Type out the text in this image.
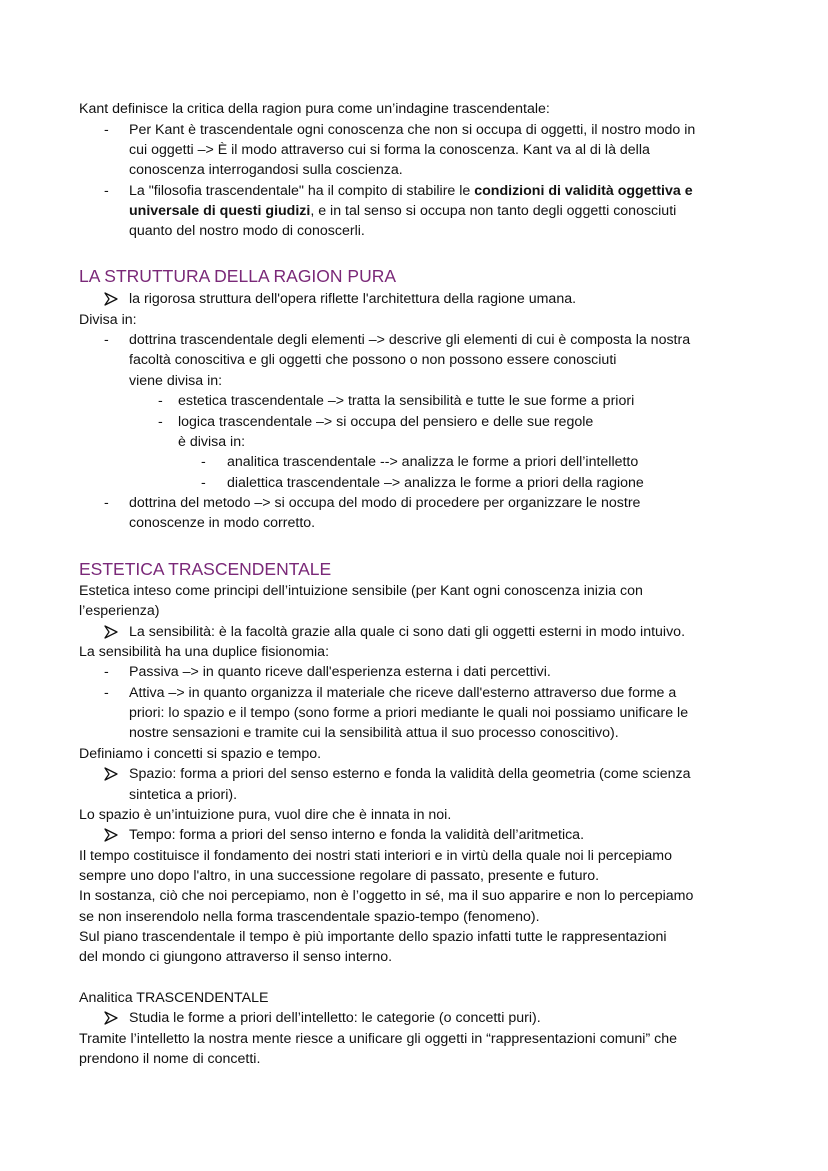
Kant definisce la critica della ragion pura come un’indagine trascendentale:
- Per Kant è trascendentale ogni conoscenza che non si occupa di oggetti, il nostro modo in
cui oggetti –> È il modo attraverso cui si forma la conoscenza. Kant va al di là della
conoscenza interrogandosi sulla coscienza.
- La "filosofia trascendentale" ha il compito di stabilire le condizioni di validità oggettiva e
universale di questi giudizi, e in tal senso si occupa non tanto degli oggetti conosciuti
quanto del nostro modo di conoscerli.
LA STRUTTURA DELLA RAGION PURA
la rigorosa struttura dell'opera riflette l'architettura della ragione umana.
Divisa in:
- dottrina trascendentale degli elementi –> descrive gli elementi di cui è composta la nostra
facoltà conoscitiva e gli oggetti che possono o non possono essere conosciuti
viene divisa in:
- estetica trascendentale –> tratta la sensibilità e tutte le sue forme a priori
- logica trascendentale –> si occupa del pensiero e delle sue regole
è divisa in:
- analitica trascendentale --> analizza le forme a priori dell’intelletto
- dialettica trascendentale –> analizza le forme a priori della ragione
- dottrina del metodo –> si occupa del modo di procedere per organizzare le nostre
conoscenze in modo corretto.
ESTETICA TRASCENDENTALE
Estetica inteso come principi dell’intuizione sensibile (per Kant ogni conoscenza inizia con
l’esperienza)
La sensibilità: è la facoltà grazie alla quale ci sono dati gli oggetti esterni in modo intuivo.
La sensibilità ha una duplice fisionomia:
- Passiva –> in quanto riceve dall'esperienza esterna i dati percettivi.
- Attiva –> in quanto organizza il materiale che riceve dall'esterno attraverso due forme a
priori: lo spazio e il tempo (sono forme a priori mediante le quali noi possiamo unificare le
nostre sensazioni e tramite cui la sensibilità attua il suo processo conoscitivo).
Definiamo i concetti si spazio e tempo.
Spazio: forma a priori del senso esterno e fonda la validità della geometria (come scienza
sintetica a priori).
Lo spazio è un’intuizione pura, vuol dire che è innata in noi.
Tempo: forma a priori del senso interno e fonda la validità dell’aritmetica.
Il tempo costituisce il fondamento dei nostri stati interiori e in virtù della quale noi li percepiamo
sempre uno dopo l'altro, in una successione regolare di passato, presente e futuro.
In sostanza, ciò che noi percepiamo, non è l’oggetto in sé, ma il suo apparire e non lo percepiamo
se non inserendolo nella forma trascendentale spazio-tempo (fenomeno).
Sul piano trascendentale il tempo è più importante dello spazio infatti tutte le rappresentazioni
del mondo ci giungono attraverso il senso interno.
Analitica TRASCENDENTALE
Studia le forme a priori dell’intelletto: le categorie (o concetti puri).
Tramite l’intelletto la nostra mente riesce a unificare gli oggetti in “rappresentazioni comuni” che
prendono il nome di concetti.
